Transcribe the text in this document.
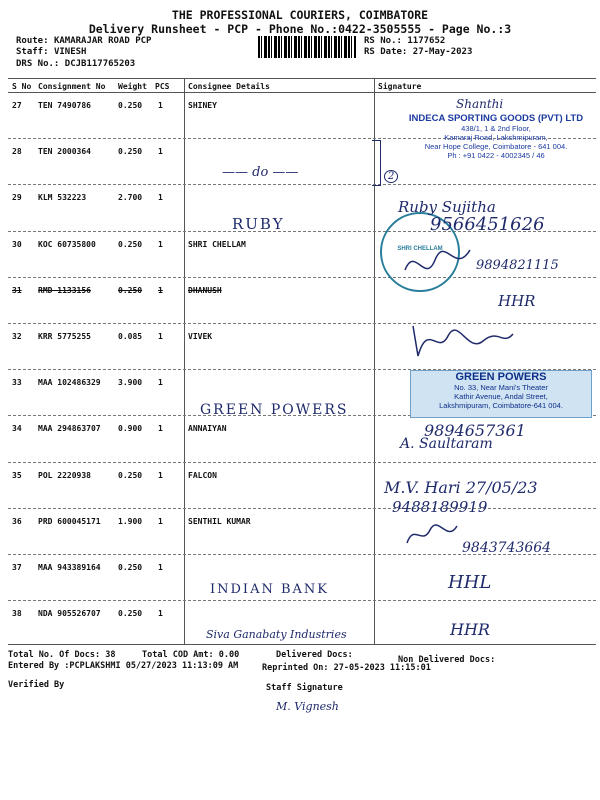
THE PROFESSIONAL COURIERS, COIMBATORE
Delivery Runsheet - PCP - Phone No.:0422-3505555 - Page No.:3
Route: KAMARAJAR ROAD PCP
Staff: VINESH
DRS No.: DCJB117765203
RS No.: 1177652
RS Date: 27-May-2023
S No Consignment No Weight PCS Consignee Details	Signature
27 TEN 7490786	0.250 1	SHINEY
28 TEN 2000364	0.250 1
29 KLM 532223	2.700 1
30 KOC 60735800	0.250 1	SHRI CHELLAM
31 RMD 1133156	0.250 1	DHANUSH
32 KRR 5775255	0.085 1	VIVEK
33 MAA 102486329 3.900 1
34 MAA 294863707 0.900 1	ANNAIYAN
35 POL 2220938	0.250 1	FALCON
36 PRD 600045171 1.900 1	SENTHIL KUMAR
37 MAA 943389164 0.250 1
38 NDA 905526707 0.250 1
INDECA SPORTING GOODS (PVT) LTD
438/1, 1 & 2nd Floor,
Kamaraj Road, Lakshmipuram,
Near Hope College, Coimbatore - 641 004.
Ph : +91 0422 - 4002345 / 46
SHRI CHELLAM
GREEN POWERS
No. 33, Near Mani's Theater
Kathir Avenue, Andal Street,
Lakshmipuram, Coimbatore-641 004.
Shanthi
—— do ——	2
RUBY
Ruby Sujitha
9566451626
9894821115
HHR
GREEN POWERS
9894657361
A. Saultaram
M.V. Hari 27/05/23
9488189919
9843743664
INDIAN BANK	HHL
HHR
Siva Ganabaty Industries
Total No. Of Docs: 38	Total COD Amt: 0.00	Delivered Docs:	Non Delivered Docs:
Entered By :PCPLAKSHMI 05/27/2023 11:13:09 AM	Reprinted On: 27-05-2023 11:15:01
Verified By	Staff Signature
M. Vignesh
